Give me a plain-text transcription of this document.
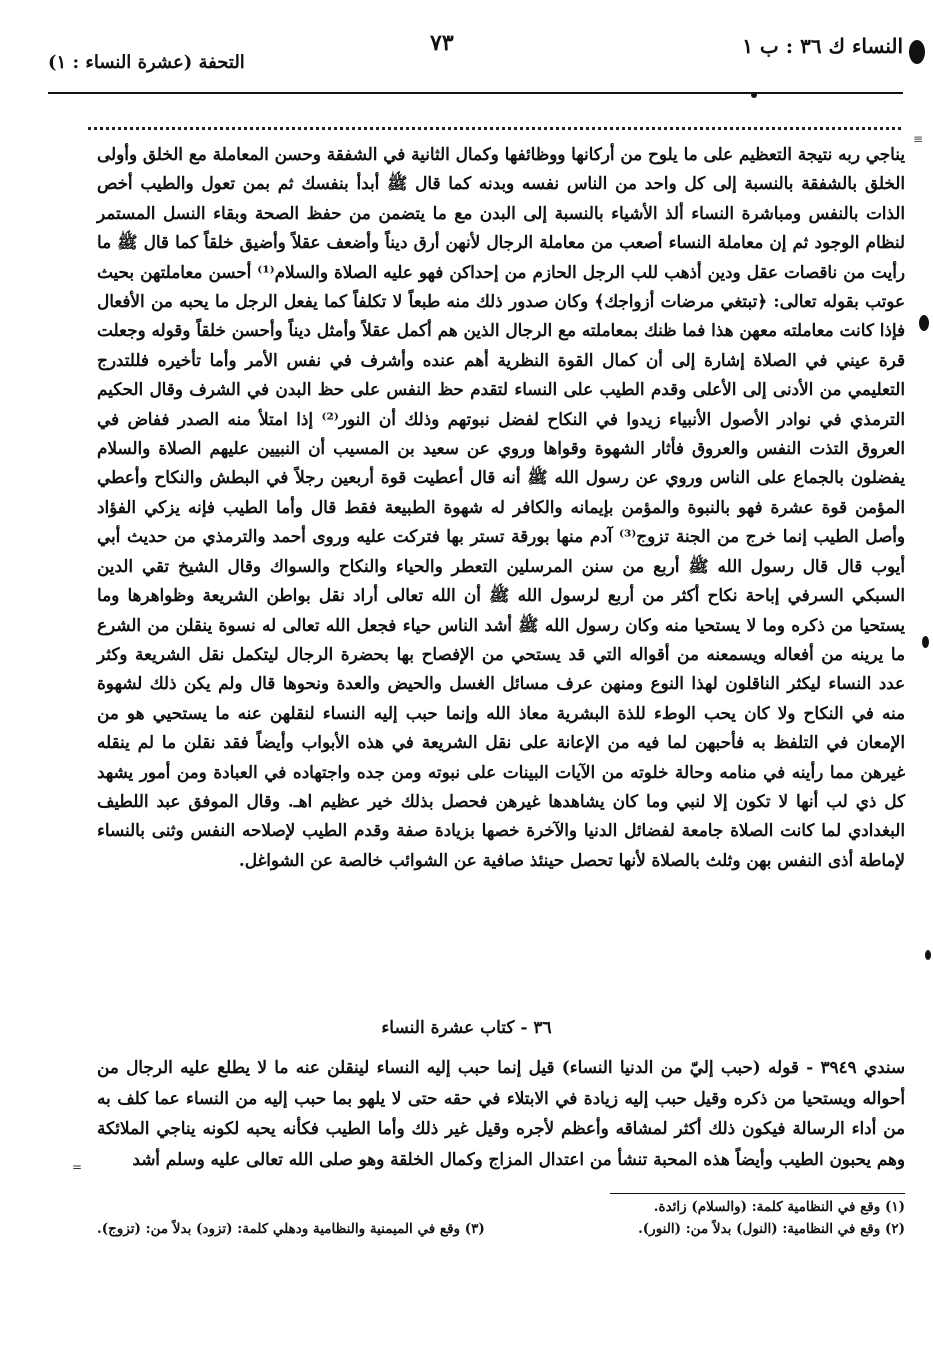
النساء ك ٣٦ : ب ١
٧٣
التحفة (عشرة النساء : ١)

يناجي ربه نتيجة التعظيم على ما يلوح من أركانها ووظائفها وكمال الثانية في الشفقة وحسن المعاملة مع الخلق وأولى الخلق بالشفقة بالنسبة إلى كل واحد من الناس نفسه وبدنه كما قال ﷺ أبدأ بنفسك ثم بمن تعول والطيب أخص الذات بالنفس ومباشرة النساء ألذ الأشياء بالنسبة إلى البدن مع ما يتضمن من حفظ الصحة وبقاء النسل المستمر لنظام الوجود ثم إن معاملة النساء أصعب من معاملة الرجال لأنهن أرق ديناً وأضعف عقلاً وأضيق خلقاً كما قال ﷺ ما رأيت من ناقصات عقل ودين أذهب للب الرجل الحازم من إحداكن فهو عليه الصلاة والسلام⁽¹⁾ أحسن معاملتهن بحيث عوتب بقوله تعالى: ﴿تبتغي مرضات أزواجك﴾ وكان صدور ذلك منه طبعاً لا تكلفاً كما يفعل الرجل ما يحبه من الأفعال فإذا كانت معاملته معهن هذا فما ظنك بمعاملته مع الرجال الذين هم أكمل عقلاً وأمثل ديناً وأحسن خلقاً وقوله وجعلت قرة عيني في الصلاة إشارة إلى أن كمال القوة النظرية أهم عنده وأشرف في نفس الأمر وأما تأخيره فللتدرج التعليمي من الأدنى إلى الأعلى وقدم الطيب على النساء لتقدم حظ النفس على حظ البدن في الشرف وقال الحكيم الترمذي في نوادر الأصول الأنبياء زيدوا في النكاح لفضل نبوتهم وذلك أن النور⁽²⁾ إذا امتلأ منه الصدر ففاض في العروق التذت النفس والعروق فأثار الشهوة وقواها وروي عن سعيد بن المسيب أن النبيين عليهم الصلاة والسلام يفضلون بالجماع على الناس وروي عن رسول الله ﷺ أنه قال أعطيت قوة أربعين رجلاً في البطش والنكاح وأعطي المؤمن قوة عشرة فهو بالنبوة والمؤمن بإيمانه والكافر له شهوة الطبيعة فقط قال وأما الطيب فإنه يزكي الفؤاد وأصل الطيب إنما خرج من الجنة تزوج⁽³⁾ آدم منها بورقة تستر بها فتركت عليه وروى أحمد والترمذي من حديث أبي أيوب قال قال رسول الله ﷺ أربع من سنن المرسلين التعطر والحياء والنكاح والسواك وقال الشيخ تقي الدين السبكي السرفي إباحة نكاح أكثر من أربع لرسول الله ﷺ أن الله تعالى أراد نقل بواطن الشريعة وظواهرها وما يستحيا من ذكره وما لا يستحيا منه وكان رسول الله ﷺ أشد الناس حياء فجعل الله تعالى له نسوة ينقلن من الشرع ما يرينه من أفعاله ويسمعنه من أقواله التي قد يستحي من الإفصاح بها بحضرة الرجال ليتكمل نقل الشريعة وكثر عدد النساء ليكثر الناقلون لهذا النوع ومنهن عرف مسائل الغسل والحيض والعدة ونحوها قال ولم يكن ذلك لشهوة منه في النكاح ولا كان يحب الوطء للذة البشرية معاذ الله وإنما حبب إليه النساء لنقلهن عنه ما يستحيي هو من الإمعان في التلفظ به فأحبهن لما فيه من الإعانة على نقل الشريعة في هذه الأبواب وأيضاً فقد نقلن ما لم ينقله غيرهن مما رأينه في منامه وحالة خلوته من الآيات البينات على نبوته ومن جده واجتهاده في العبادة ومن أمور يشهد كل ذي لب أنها لا تكون إلا لنبي وما كان يشاهدها غيرهن فحصل بذلك خير عظيم اهـ. وقال الموفق عبد اللطيف البغدادي لما كانت الصلاة جامعة لفضائل الدنيا والآخرة خصها بزيادة صفة وقدم الطيب لإصلاحه النفس وثنى بالنساء لإماطة أذى النفس بهن وثلث بالصلاة لأنها تحصل حينئذ صافية عن الشوائب خالصة عن الشواغل.

٣٦ - كتاب عشرة النساء

سندي ٣٩٤٩ - قوله (حبب إليّ من الدنيا النساء) قيل إنما حبب إليه النساء لينقلن عنه ما لا يطلع عليه الرجال من أحواله ويستحيا من ذكره وقيل حبب إليه زيادة في الابتلاء في حقه حتى لا يلهو بما حبب إليه من النساء عما كلف به من أداء الرسالة فيكون ذلك أكثر لمشاقه وأعظم لأجره وقيل غير ذلك وأما الطيب فكأنه يحبه لكونه يناجي الملائكة وهم يحبون الطيب وأيضاً هذه المحبة تنشأ من اعتدال المزاج وكمال الخلقة وهو صلى الله تعالى عليه وسلم أشد

(١) وقع في النظامية كلمة: (والسلام) زائدة.
(٢) وقع في النظامية: (النول) بدلاً من: (النور).
(٣) وقع في الميمنية والنظامية ودهلي كلمة: (تزود) بدلاً من: (تزوج).
≡
=
